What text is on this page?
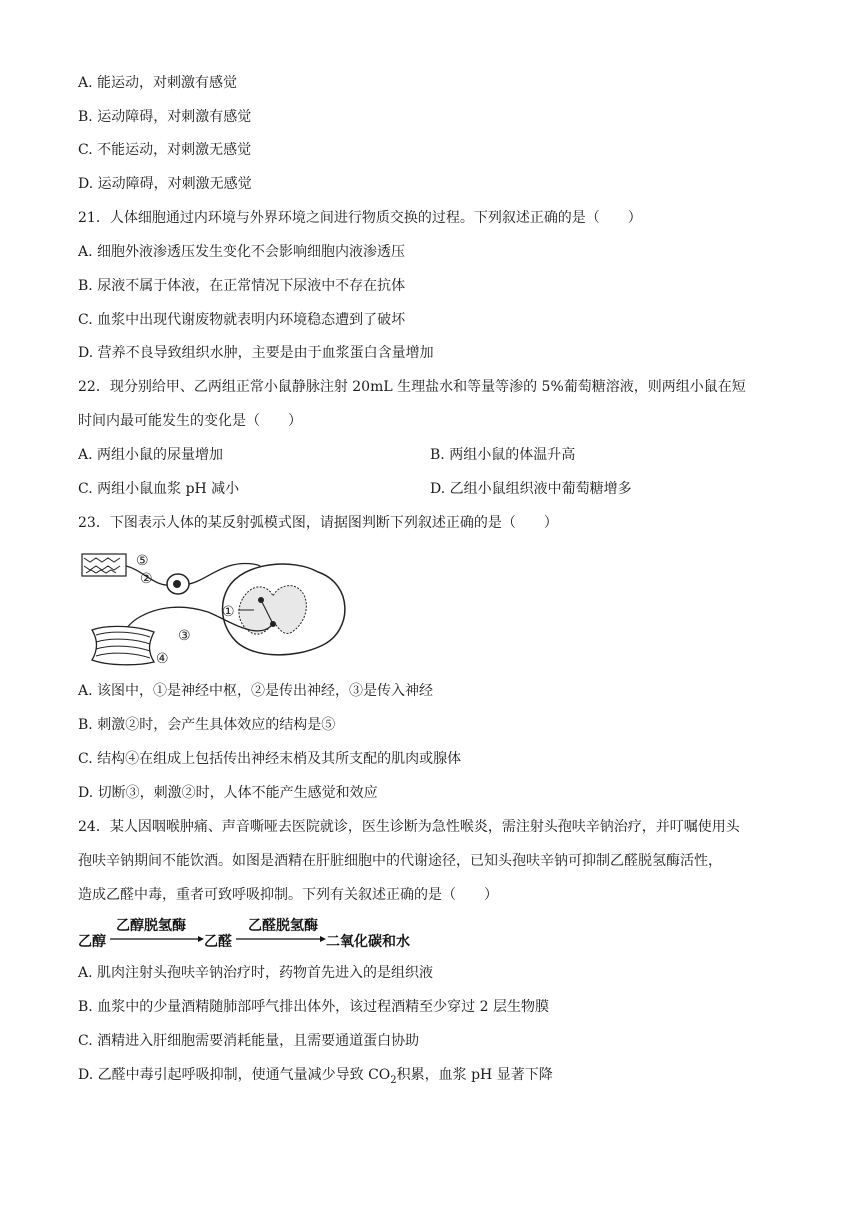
A. 能运动，对刺激有感觉
B. 运动障碍，对刺激有感觉
C. 不能运动，对刺激无感觉
D. 运动障碍，对刺激无感觉
21．人体细胞通过内环境与外界环境之间进行物质交换的过程。下列叙述正确的是（　　）
A. 细胞外液渗透压发生变化不会影响细胞内液渗透压
B. 尿液不属于体液，在正常情况下尿液中不存在抗体
C. 血浆中出现代谢废物就表明内环境稳态遭到了破坏
D. 营养不良导致组织水肿，主要是由于血浆蛋白含量增加
22．现分别给甲、乙两组正常小鼠静脉注射 20mL 生理盐水和等量等渗的 5%葡萄糖溶液，则两组小鼠在短
时间内最可能发生的变化是（　　）
A. 两组小鼠的尿量增加	B. 两组小鼠的体温升高
C. 两组小鼠血浆 pH 减小	D. 乙组小鼠组织液中葡萄糖增多
23．下图表示人体的某反射弧模式图，请据图判断下列叙述正确的是（　　）
⑤
②
①
③
④
A. 该图中，①是神经中枢，②是传出神经，③是传入神经
B. 刺激②时，会产生具体效应的结构是⑤
C. 结构④在组成上包括传出神经末梢及其所支配的肌肉或腺体
D. 切断③，刺激②时，人体不能产生感觉和效应
24．某人因咽喉肿痛、声音嘶哑去医院就诊，医生诊断为急性喉炎，需注射头孢呋辛钠治疗，并叮嘱使用头
孢呋辛钠期间不能饮酒。如图是酒精在肝脏细胞中的代谢途径，已知头孢呋辛钠可抑制乙醛脱氢酶活性，
造成乙醛中毒，重者可致呼吸抑制。下列有关叙述正确的是（　　）
乙醇
乙醇脱氢酶
乙醛
乙醛脱氢酶
二氧化碳和水
A. 肌肉注射头孢呋辛钠治疗时，药物首先进入的是组织液
B. 血浆中的少量酒精随肺部呼气排出体外，该过程酒精至少穿过 2 层生物膜
C. 酒精进入肝细胞需要消耗能量，且需要通道蛋白协助
D. 乙醛中毒引起呼吸抑制，使通气量减少导致 $CO_2$积累，血浆 pH 显著下降
